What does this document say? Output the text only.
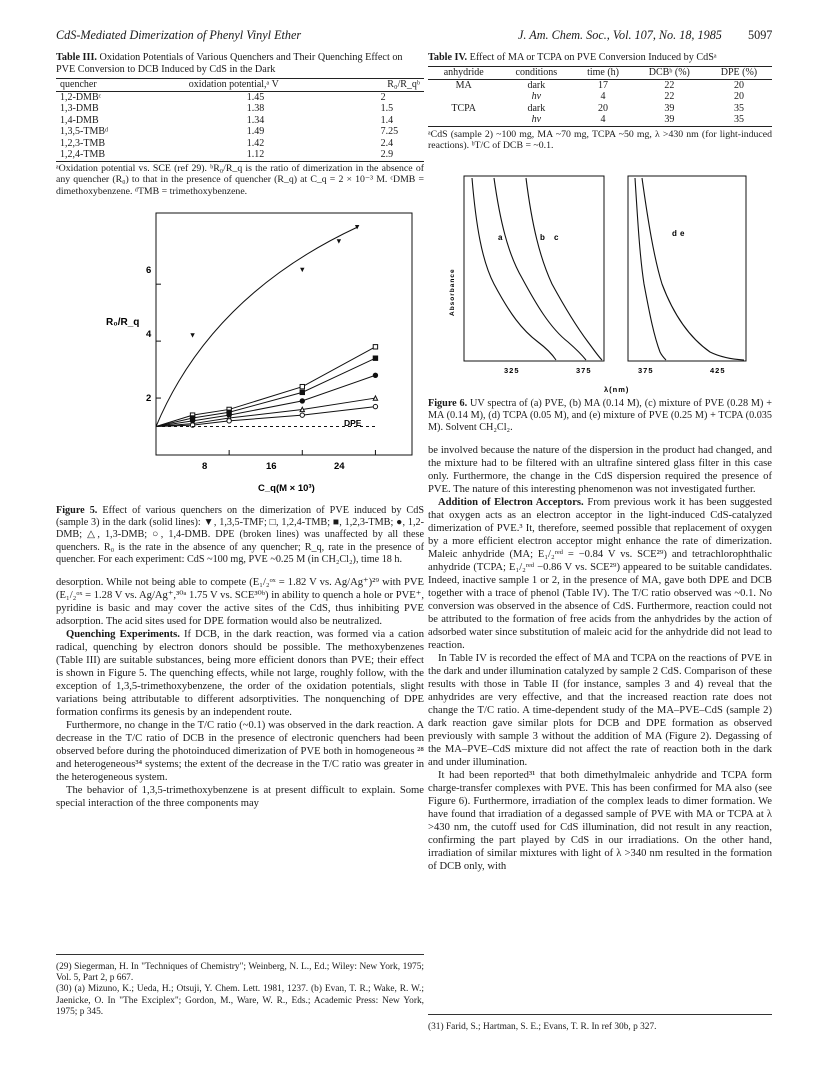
CdS-Mediated Dimerization of Phenyl Vinyl Ether	J. Am. Chem. Soc., Vol. 107, No. 18, 1985 5097
Table III. Oxidation Potentials of Various Quenchers and Their Quenching Effect on PVE Conversion to DCB Induced by CdS in the Dark
quencher	oxidation potential,ᵃ V	R₀/R_qᵇ
1,2-DMBᶜ	1.45	2
1,3-DMB	1.38	1.5
1,4-DMB	1.34	1.4
1,3,5-TMBᵈ	1.49	7.25
1,2,3-TMB	1.42	2.4
1,2,4-TMB	1.12	2.9
ᵃOxidation potential vs. SCE (ref 29). ᵇR₀/R_q is the ratio of dimerization in the absence of any quencher (R₀) to that in the presence of quencher (R_q) at C_q = 2 × 10⁻³ M. ᶜDMB = dimethoxybenzene. ᵈTMB = trimethoxybenzene.
R₀/R_q
6
4
2
8	16	24
C_q(M × 10³)
DPE
Figure 5. Effect of various quenchers on the dimerization of PVE induced by CdS (sample 3) in the dark (solid lines): ▼, 1,3,5-TMF; □, 1,2,4-TMB; ■, 1,2,3-TMB; ●, 1,2-DMB; △, 1,3-DMB; ○, 1,4-DMB. DPE (broken lines) was unaffected by all these quenchers. R₀ is the rate in the absence of any quencher; R_q, rate in the presence of quencher. For each experiment: CdS ~100 mg, PVE ~0.25 M (in CH₂Cl₂), time 18 h.

desorption. While not being able to compete (E₁/₂ᵒˣ = 1.82 V vs. Ag/Ag⁺)²⁹ with PVE (E₁/₂ᵒˣ = 1.28 V vs. Ag/Ag⁺,³⁰ᵃ 1.75 V vs. SCE³⁰ᵇ) in ability to quench a hole or PVE⁺, pyridine is basic and may cover the active sites of the CdS, thus inhibiting PVE adsorption. The acid sites used for DPE formation would also be neutralized.

Quenching Experiments. If DCB, in the dark reaction, was formed via a cation radical, quenching by electron donors should be possible. The methoxybenzenes (Table III) are suitable substances, being more efficient donors than PVE; their effect is shown in Figure 5. The quenching effects, while not large, roughly follow, with the exception of 1,3,5-trimethoxybenzene, the order of the oxidation potentials, slight variations being attributable to different adsorptivities. The nonquenching of DPE formation confirms its genesis by an independent route.

Furthermore, no change in the T/C ratio (~0.1) was observed in the dark reaction. A decrease in the T/C ratio of DCB in the presence of electronic quenchers had been observed before during the photoinduced dimerization of PVE both in homogeneous ²⁸ and heterogeneous³⁴ systems; the extent of the decrease in the T/C ratio was greater in the heterogeneous system.

The behavior of 1,3,5-trimethoxybenzene is at present difficult to explain. Some special interaction of the three components may

(29) Siegerman, H. In "Techniques of Chemistry"; Weinberg, N. L., Ed.; Wiley: New York, 1975; Vol. 5, Part 2, p 667.

(30) (a) Mizuno, K.; Ueda, H.; Otsuji, Y. Chem. Lett. 1981, 1237. (b) Evan, T. R.; Wake, R. W.; Jaenicke, O. In "The Exciplex"; Gordon, M., Ware, W. R., Eds.; Academic Press: New York, 1975; p 345.

Table IV. Effect of MA or TCPA on PVE Conversion Induced by CdSᵃ
anhydride	conditions	time (h)	DCBᵇ (%)	DPE (%)
MA	dark	17	22	20
	hν	4	22	20
TCPA	dark	20	39	35
	hν	4	39	35
ᵃCdS (sample 2) ~100 mg, MA ~70 mg, TCPA ~50 mg, λ >430 nm (for light-induced reactions). ᵇT/C of DCB = ~0.1.
a	b c	d e
Absorbance
325	375	375	425
λ(nm)
Figure 6. UV spectra of (a) PVE, (b) MA (0.14 M), (c) mixture of PVE (0.28 M) + MA (0.14 M), (d) TCPA (0.05 M), and (e) mixture of PVE (0.25 M) + TCPA (0.035 M). Solvent CH₂Cl₂.

be involved because the nature of the dispersion in the product had changed, and the mixture had to be filtered with an ultrafine sintered glass filter in this case only. Furthermore, the change in the CdS dispersion required the presence of PVE. The nature of this interesting phenomenon was not investigated further.

Addition of Electron Acceptors. From previous work it has been suggested that oxygen acts as an electron acceptor in the light-induced CdS-catalyzed dimerization of PVE.³ It, therefore, seemed possible that replacement of oxygen by a more efficient electron acceptor might enhance the rate of dimerization. Maleic anhydride (MA; E₁/₂ʳᵉᵈ = −0.84 V vs. SCE²⁹) and tetrachlorophthalic anhydride (TCPA; E₁/₂ʳᵉᵈ −0.86 V vs. SCE²⁹) appeared to be suitable candidates. Indeed, inactive sample 1 or 2, in the presence of MA, gave both DPE and DCB together with a trace of phenol (Table IV). The T/C ratio observed was ~0.1. No conversion was observed in the absence of CdS. Furthermore, reaction could not be attributed to the formation of free acids from the anhydrides by the action of adsorbed water since substitution of maleic acid for the anhydride did not lead to reaction.

In Table IV is recorded the effect of MA and TCPA on the reactions of PVE in the dark and under illumination catalyzed by sample 2 CdS. Comparison of these results with those in Table II (for instance, samples 3 and 4) reveal that the anhydrides are very effective, and that the increased reaction rate does not change the T/C ratio. A time-dependent study of the MA–PVE–CdS (sample 2) dark reaction gave similar plots for DCB and DPE formation as observed previously with sample 3 without the addition of MA (Figure 2). Degassing of the MA–PVE–CdS mixture did not affect the rate of reaction both in the dark and under illumination.

It had been reported³¹ that both dimethylmaleic anhydride and TCPA form charge-transfer complexes with PVE. This has been confirmed for MA also (see Figure 6). Furthermore, irradiation of the complex leads to dimer formation. We have found that irradiation of a degassed sample of PVE with MA or TCPA at λ >430 nm, the cutoff used for CdS illumination, did not result in any reaction, confirming the part played by CdS in our irradiations. On the other hand, irradiation of similar mixtures with light of λ >340 nm resulted in the formation of DCB only, with

(31) Farid, S.; Hartman, S. E.; Evans, T. R. In ref 30b, p 327.
